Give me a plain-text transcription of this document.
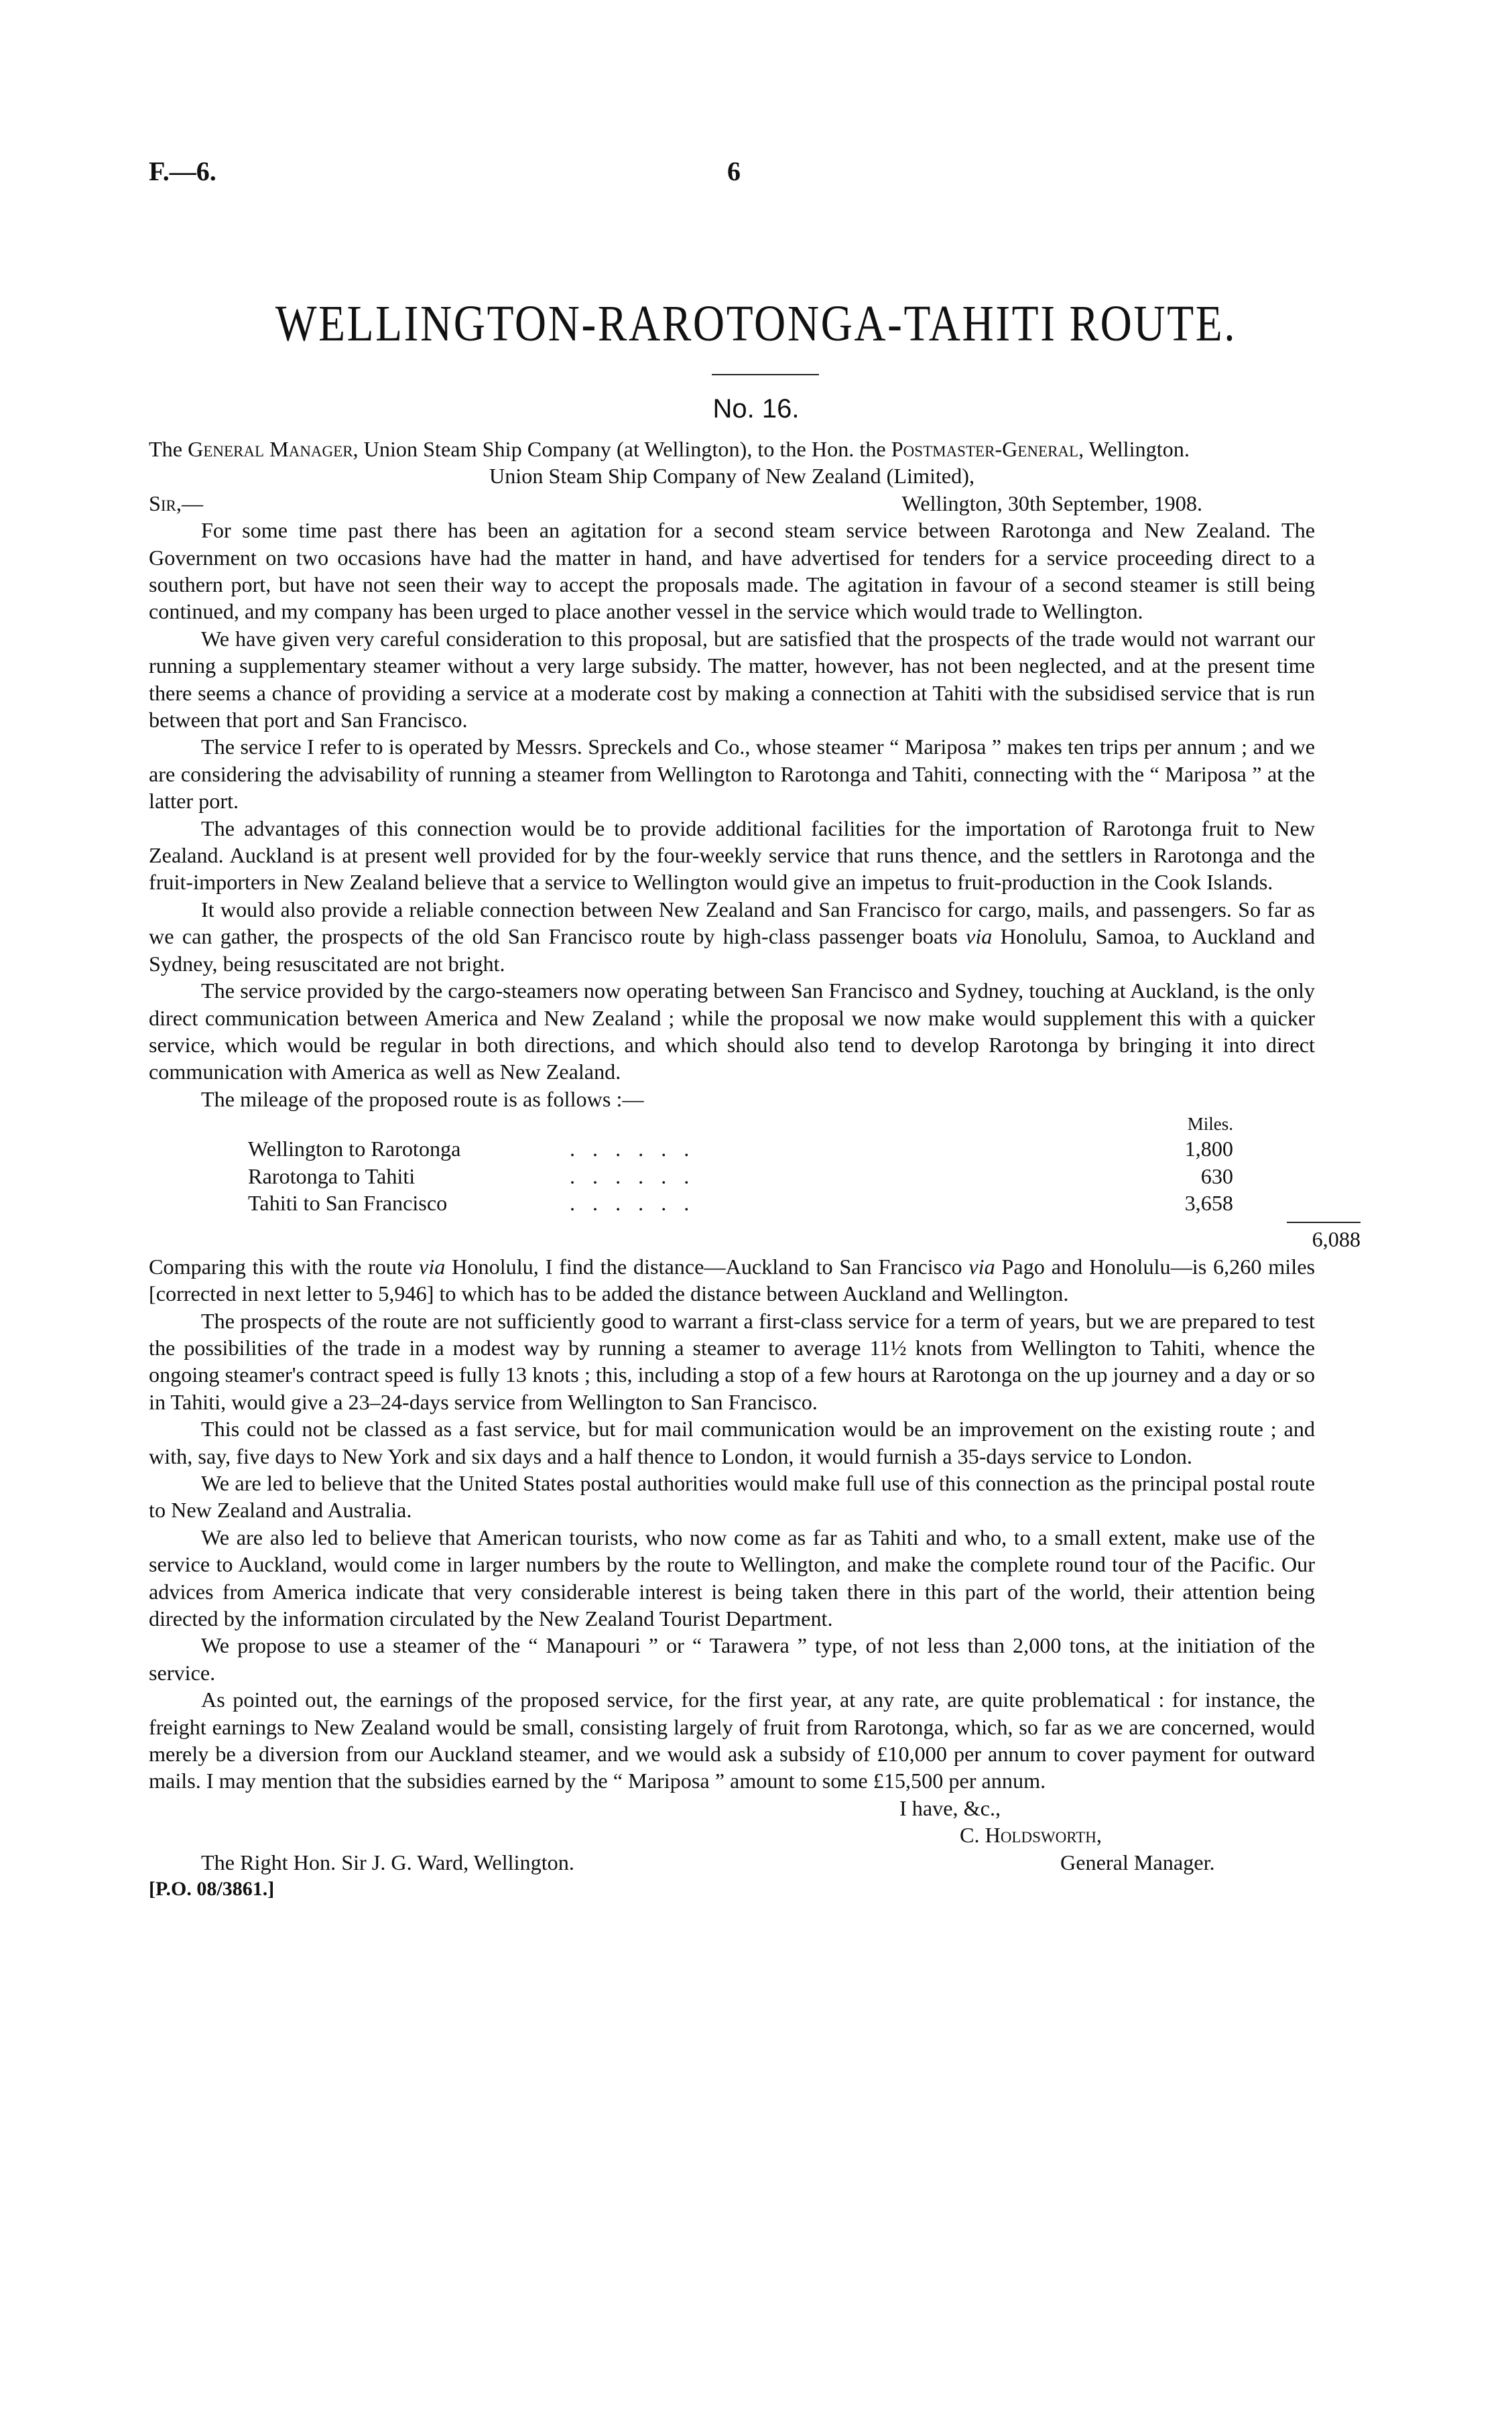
F.—6.	6
WELLINGTON-RAROTONGA-TAHITI ROUTE.
No. 16.

The General Manager, Union Steam Ship Company (at Wellington), to the Hon. the Postmaster-General, Wellington.

Union Steam Ship Company of New Zealand (Limited),

Sir,—	Wellington, 30th September, 1908.

For some time past there has been an agitation for a second steam service between Rarotonga and New Zealand. The Government on two occasions have had the matter in hand, and have advertised for tenders for a service proceeding direct to a southern port, but have not seen their way to accept the proposals made. The agitation in favour of a second steamer is still being continued, and my company has been urged to place another vessel in the service which would trade to Wellington.

We have given very careful consideration to this proposal, but are satisfied that the prospects of the trade would not warrant our running a supplementary steamer without a very large subsidy. The matter, however, has not been neglected, and at the present time there seems a chance of providing a service at a moderate cost by making a connection at Tahiti with the subsidised service that is run between that port and San Francisco.

The service I refer to is operated by Messrs. Spreckels and Co., whose steamer “ Mariposa ” makes ten trips per annum ; and we are considering the advisability of running a steamer from Wellington to Rarotonga and Tahiti, connecting with the “ Mariposa ” at the latter port.

The advantages of this connection would be to provide additional facilities for the importation of Rarotonga fruit to New Zealand. Auckland is at present well provided for by the four-weekly service that runs thence, and the settlers in Rarotonga and the fruit-importers in New Zealand believe that a service to Wellington would give an impetus to fruit-production in the Cook Islands.

It would also provide a reliable connection between New Zealand and San Francisco for cargo, mails, and passengers. So far as we can gather, the prospects of the old San Francisco route by high-class passenger boats via Honolulu, Samoa, to Auckland and Sydney, being resuscitated are not bright.

The service provided by the cargo-steamers now operating between San Francisco and Sydney, touching at Auckland, is the only direct communication between America and New Zealand ; while the proposal we now make would supplement this with a quicker service, which would be regular in both directions, and which should also tend to develop Rarotonga by bringing it into direct communication with America as well as New Zealand.

The mileage of the proposed route is as follows :—

Miles.
Wellington to Rarotonga	......	1,800
Rarotonga to Tahiti	......	630
Tahiti to San Francisco	......	3,658
6,088

Comparing this with the route via Honolulu, I find the distance—Auckland to San Francisco via Pago and Honolulu—is 6,260 miles [corrected in next letter to 5,946] to which has to be added the distance between Auckland and Wellington.

The prospects of the route are not sufficiently good to warrant a first-class service for a term of years, but we are prepared to test the possibilities of the trade in a modest way by running a steamer to average 11½ knots from Wellington to Tahiti, whence the ongoing steamer's contract speed is fully 13 knots ; this, including a stop of a few hours at Rarotonga on the up journey and a day or so in Tahiti, would give a 23–24-days service from Wellington to San Francisco.

This could not be classed as a fast service, but for mail communication would be an improvement on the existing route ; and with, say, five days to New York and six days and a half thence to London, it would furnish a 35-days service to London.

We are led to believe that the United States postal authorities would make full use of this connection as the principal postal route to New Zealand and Australia.

We are also led to believe that American tourists, who now come as far as Tahiti and who, to a small extent, make use of the service to Auckland, would come in larger numbers by the route to Wellington, and make the complete round tour of the Pacific. Our advices from America indicate that very considerable interest is being taken there in this part of the world, their attention being directed by the information circulated by the New Zealand Tourist Department.

We propose to use a steamer of the “ Manapouri ” or “ Tarawera ” type, of not less than 2,000 tons, at the initiation of the service.

As pointed out, the earnings of the proposed service, for the first year, at any rate, are quite problematical : for instance, the freight earnings to New Zealand would be small, consisting largely of fruit from Rarotonga, which, so far as we are concerned, would merely be a diversion from our Auckland steamer, and we would ask a subsidy of £10,000 per annum to cover payment for outward mails. I may mention that the subsidies earned by the “ Mariposa ” amount to some £15,500 per annum.

I have, &c.,

C. Holdsworth,

The Right Hon. Sir J. G. Ward, Wellington.	General Manager.

[P.O. 08/3861.]
